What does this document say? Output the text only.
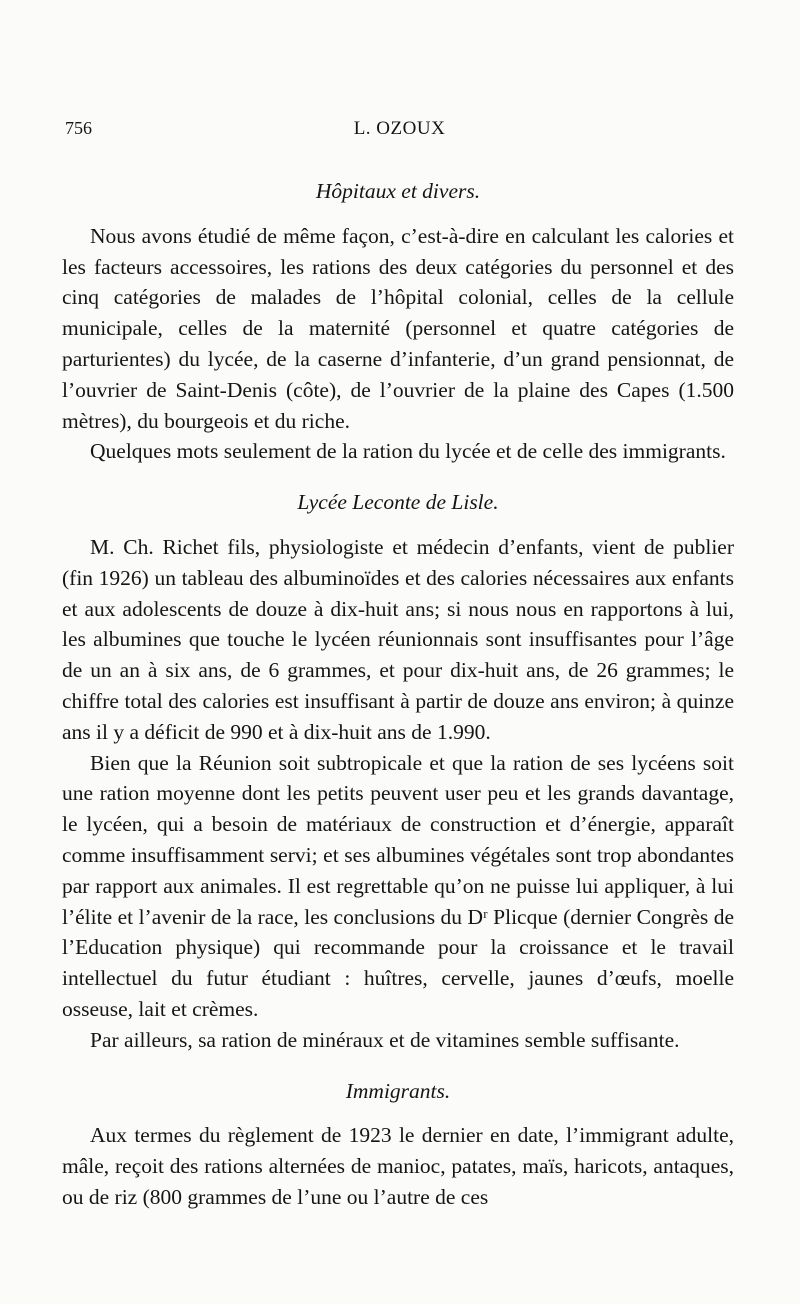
756	L. OZOUX
Hôpitaux et divers.

Nous avons étudié de même façon, c’est-à-dire en calculant les calories et les facteurs accessoires, les rations des deux catégories du personnel et des cinq catégories de malades de l’hôpital colonial, celles de la cellule municipale, celles de la maternité (personnel et quatre catégories de parturientes) du lycée, de la caserne d’infanterie, d’un grand pensionnat, de l’ouvrier de Saint-Denis (côte), de l’ouvrier de la plaine des Capes (1.500 mètres), du bourgeois et du riche.

Quelques mots seulement de la ration du lycée et de celle des immigrants.

Lycée Leconte de Lisle.

M. Ch. Richet fils, physiologiste et médecin d’enfants, vient de publier (fin 1926) un tableau des albuminoïdes et des calories nécessaires aux enfants et aux adolescents de douze à dix-huit ans; si nous nous en rapportons à lui, les albumines que touche le lycéen réunionnais sont insuffisantes pour l’âge de un an à six ans, de 6 grammes, et pour dix-huit ans, de 26 grammes; le chiffre total des calories est insuffisant à partir de douze ans environ; à quinze ans il y a déficit de 990 et à dix-huit ans de 1.990.

Bien que la Réunion soit subtropicale et que la ration de ses lycéens soit une ration moyenne dont les petits peuvent user peu et les grands davantage, le lycéen, qui a besoin de matériaux de construction et d’énergie, apparaît comme insuffisamment servi; et ses albumines végétales sont trop abondantes par rapport aux animales. Il est regrettable qu’on ne puisse lui appliquer, à lui l’élite et l’avenir de la race, les conclusions du Dʳ Plicque (dernier Congrès de l’Education physique) qui recommande pour la croissance et le travail intellectuel du futur étudiant : huîtres, cervelle, jaunes d’œufs, moelle osseuse, lait et crèmes.

Par ailleurs, sa ration de minéraux et de vitamines semble suffisante.

Immigrants.

Aux termes du règlement de 1923 le dernier en date, l’immigrant adulte, mâle, reçoit des rations alternées de manioc, patates, maïs, haricots, antaques, ou de riz (800 grammes de l’une ou l’autre de ces
